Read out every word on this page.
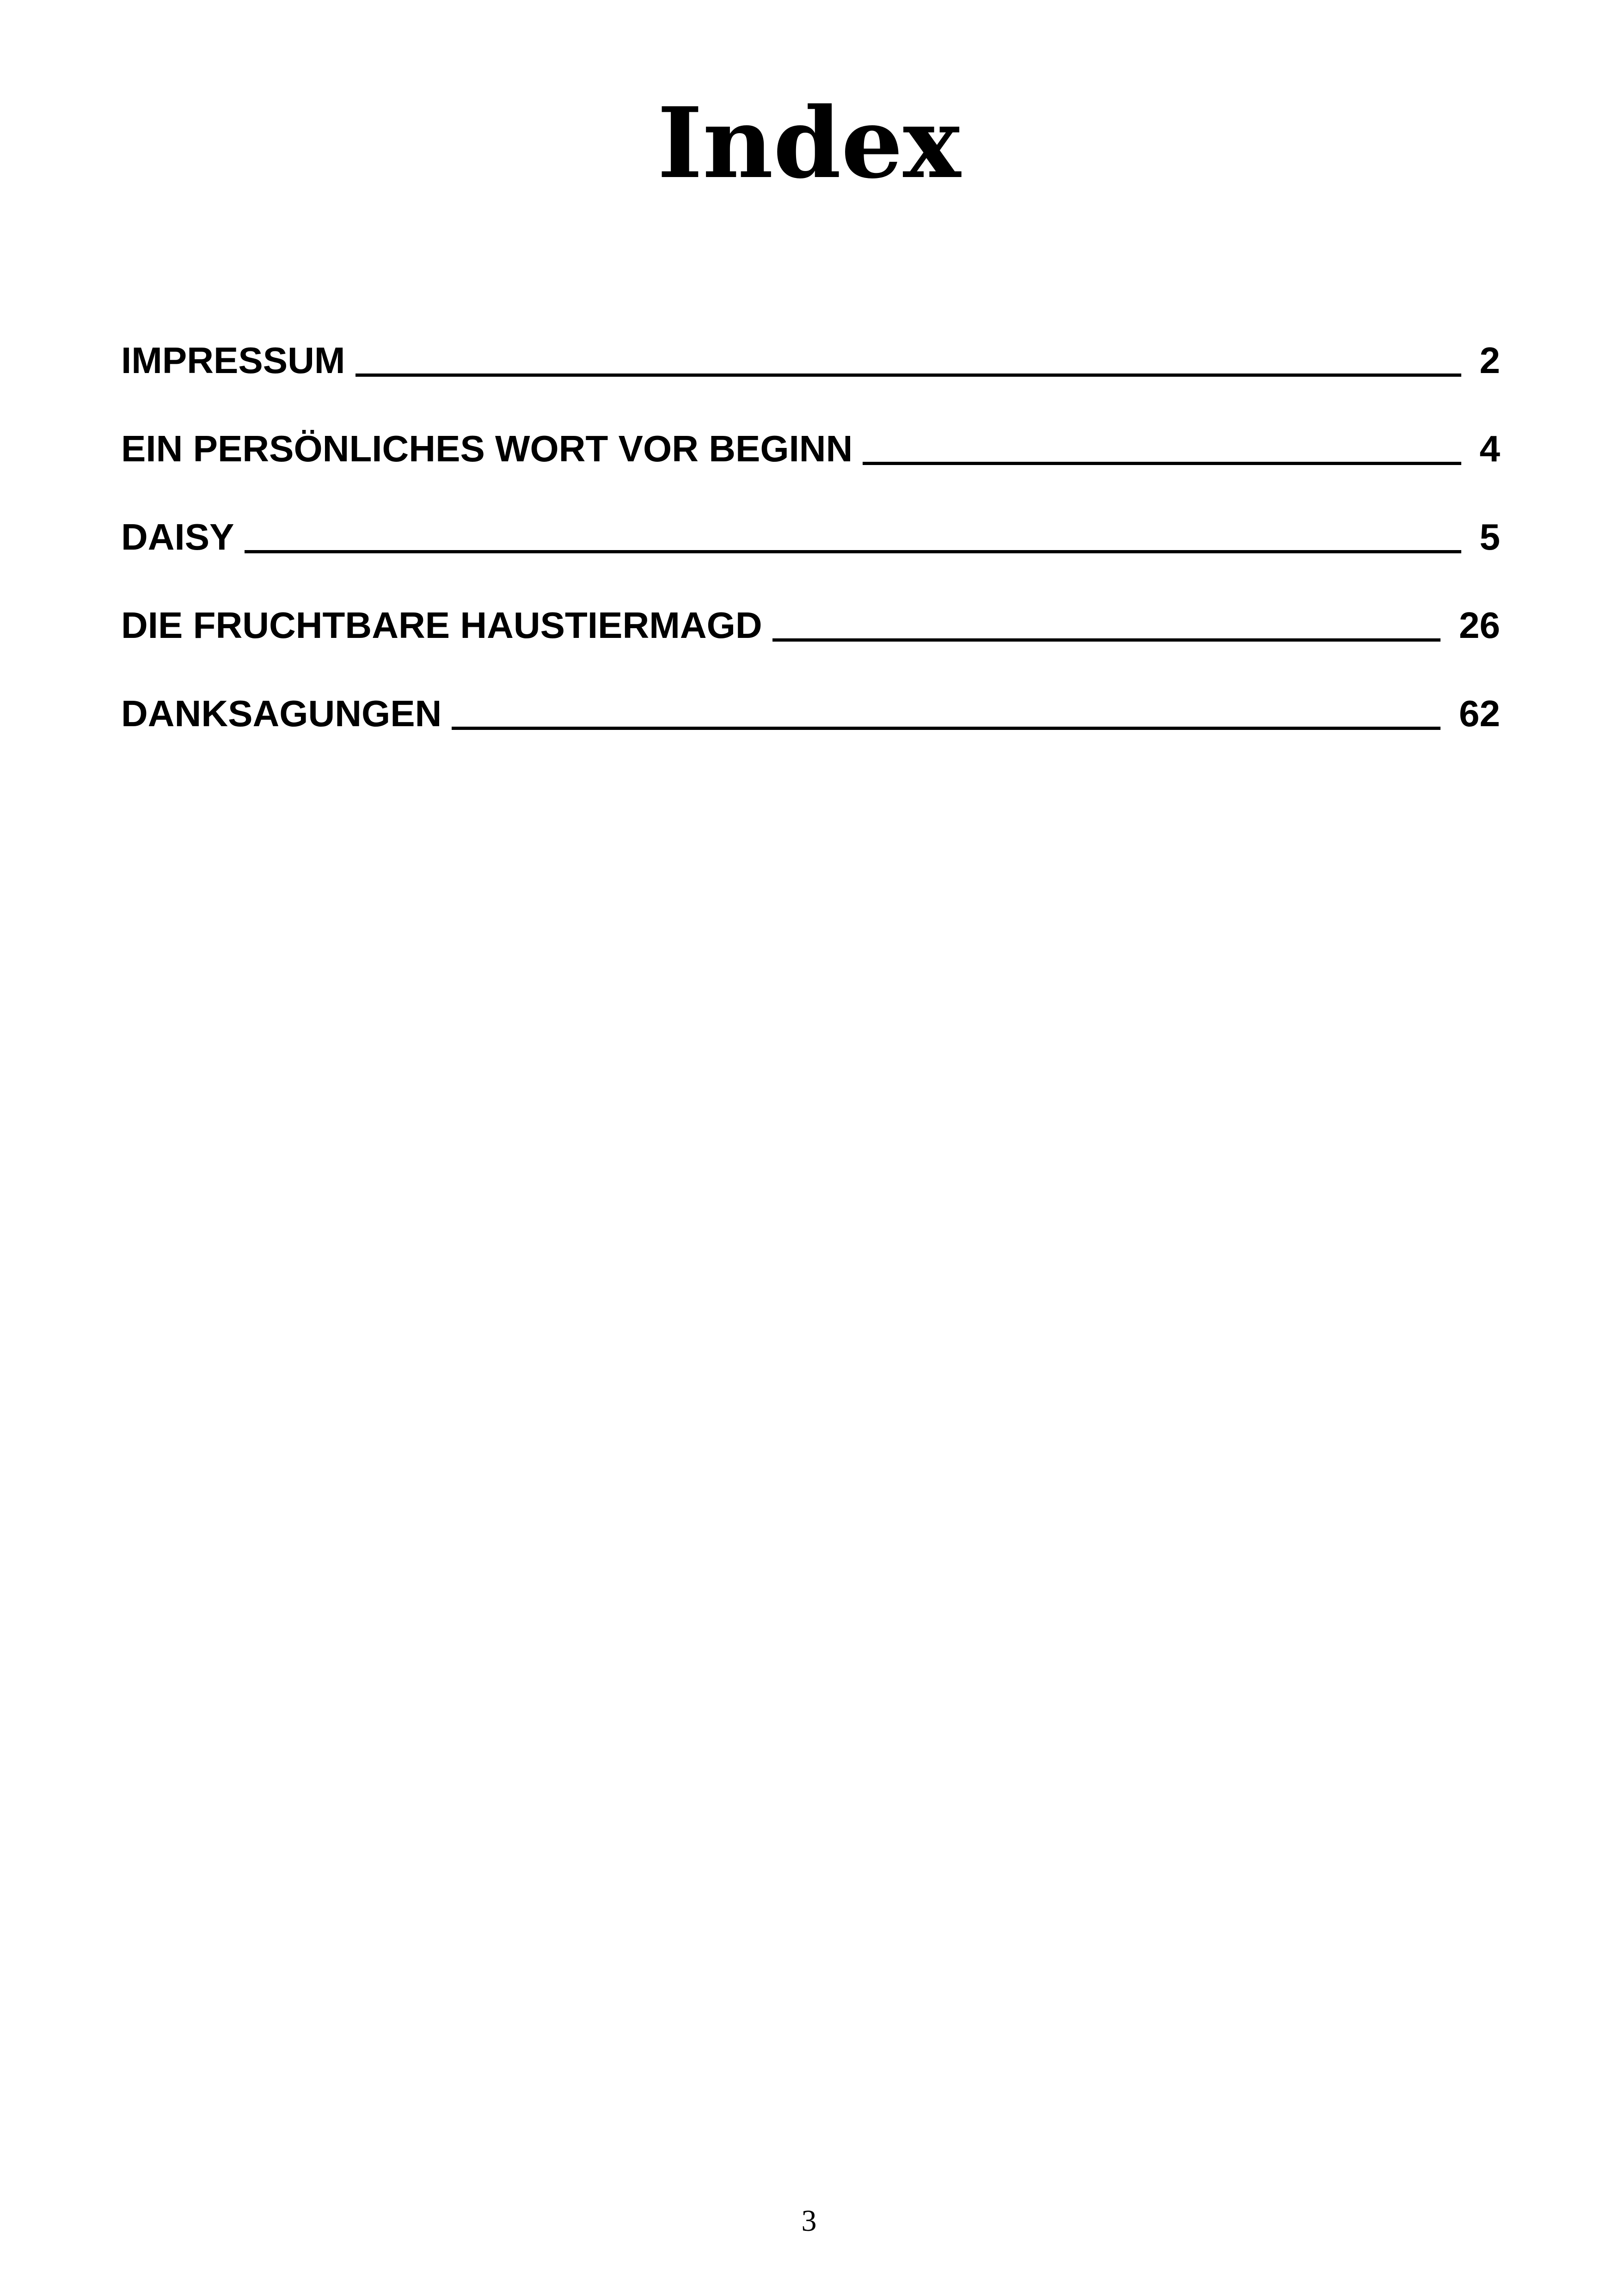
Index
IMPRESSUM	2
EIN PERSÖNLICHES WORT VOR BEGINN	4
DAISY	5
DIE FRUCHTBARE HAUSTIERMAGD	26
DANKSAGUNGEN	62
3
